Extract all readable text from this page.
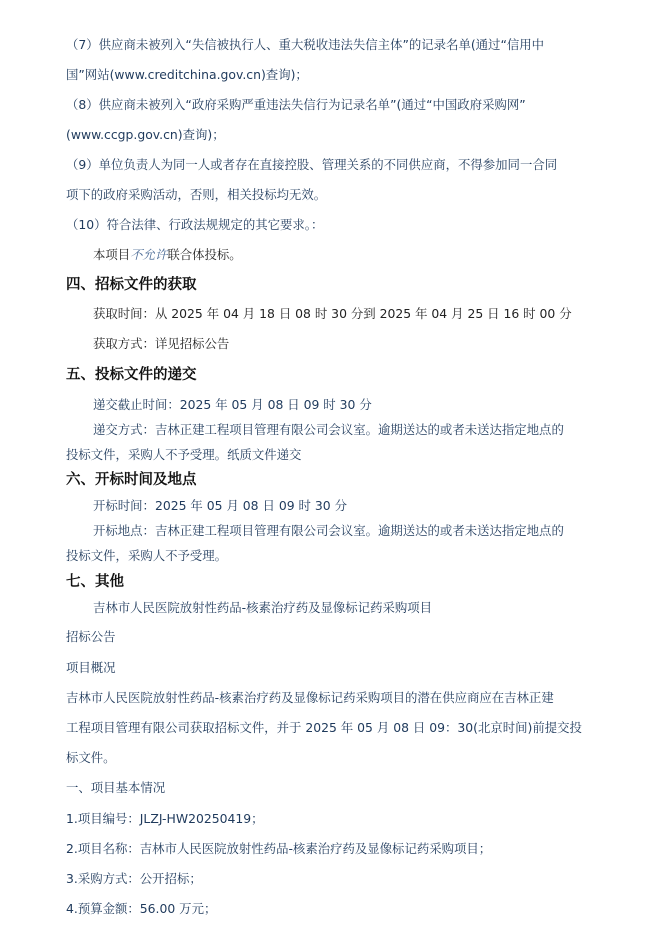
（7）供应商未被列入“失信被执行人、重大税收违法失信主体”的记录名单(通过“信用中
国”网站(www.creditchina.gov.cn)查询)；
（8）供应商未被列入“政府采购严重违法失信行为记录名单”(通过“中国政府采购网”
(www.ccgp.gov.cn)查询)；
（9）单位负责人为同一人或者存在直接控股、管理关系的不同供应商，不得参加同一合同
项下的政府采购活动，否则，相关投标均无效。
（10）符合法律、行政法规规定的其它要求。：
本项目不允许联合体投标。
四、招标文件的获取
获取时间：从 2025 年 04 月 18 日 08 时 30 分到 2025 年 04 月 25 日 16 时 00 分
获取方式：详见招标公告
五、投标文件的递交
递交截止时间：2025 年 05 月 08 日 09 时 30 分
递交方式：吉林正建工程项目管理有限公司会议室。逾期送达的或者未送达指定地点的
投标文件，采购人不予受理。纸质文件递交
六、开标时间及地点
开标时间：2025 年 05 月 08 日 09 时 30 分
开标地点：吉林正建工程项目管理有限公司会议室。逾期送达的或者未送达指定地点的
投标文件，采购人不予受理。
七、其他
吉林市人民医院放射性药品-核素治疗药及显像标记药采购项目
招标公告
项目概况
吉林市人民医院放射性药品-核素治疗药及显像标记药采购项目的潜在供应商应在吉林正建
工程项目管理有限公司获取招标文件，并于 2025 年 05 月 08 日 09：30(北京时间)前提交投
标文件。
一、项目基本情况
1.项目编号：JLZJ-HW20250419；
2.项目名称：吉林市人民医院放射性药品-核素治疗药及显像标记药采购项目；
3.采购方式：公开招标；
4.预算金额：56.00 万元；
